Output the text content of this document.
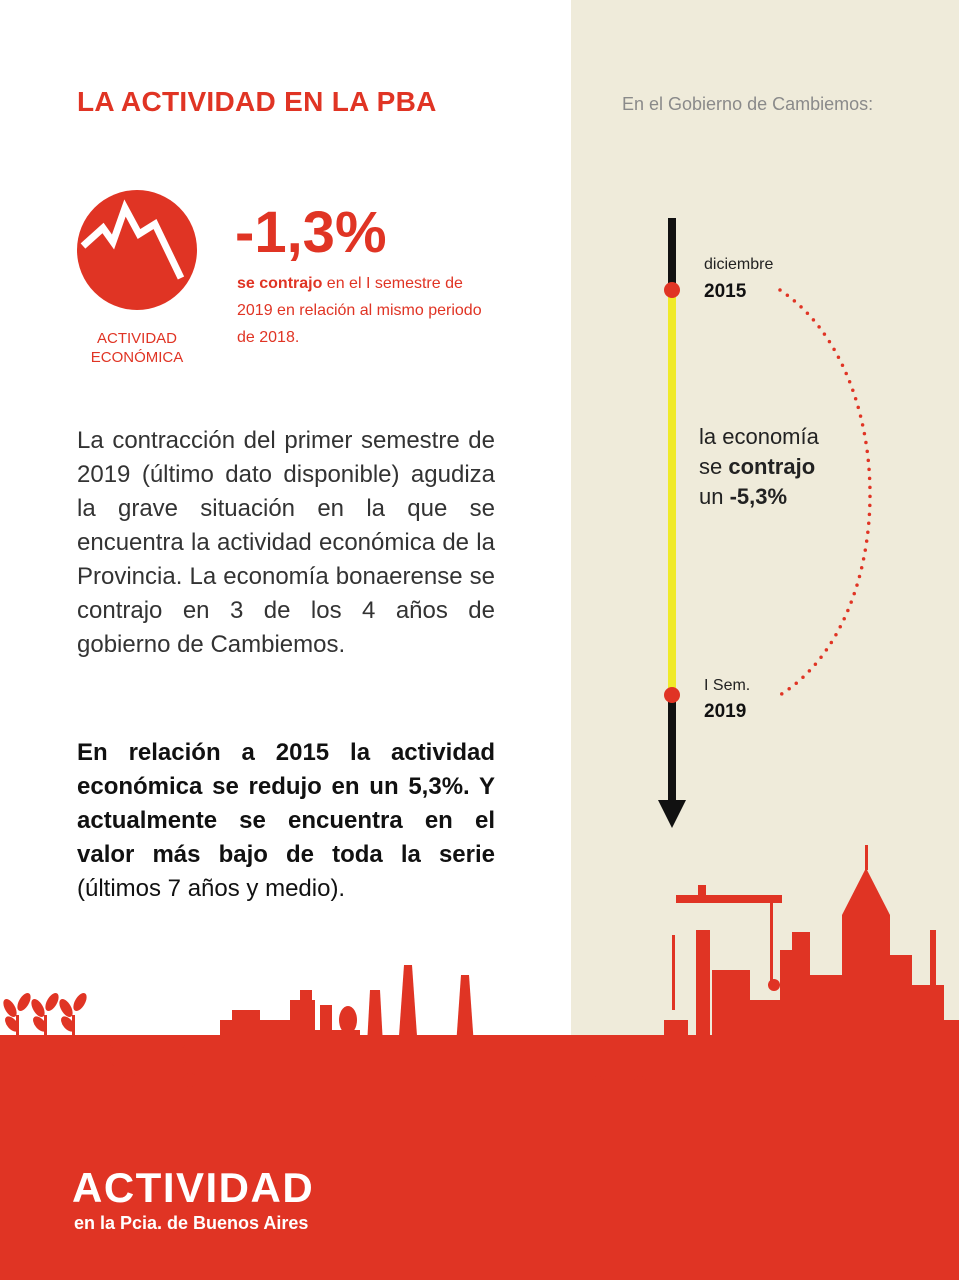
LA ACTIVIDAD EN LA PBA	En el Gobierno de Cambiemos:
ACTIVIDAD
ECONÓMICA
-1,3%
se contrajo en el I semestre de 2019 en relación al mismo periodo de 2018.
La contracción del primer semestre de 2019 (último dato disponible) agudiza la grave situación en la que se encuentra la actividad económica de la Provincia. La economía bonaerense se contrajo en 3 de los 4 años de gobierno de Cambiemos.
En relación a 2015 la actividad económica se redujo en un 5,3%. Y actualmente se encuentra en el valor más bajo de toda la serie (últimos 7 años y medio).
diciembre
2015
I Sem.
2019
la economía
se contrajo
un -5,3%
ACTIVIDAD
en la Pcia. de Buenos Aires
